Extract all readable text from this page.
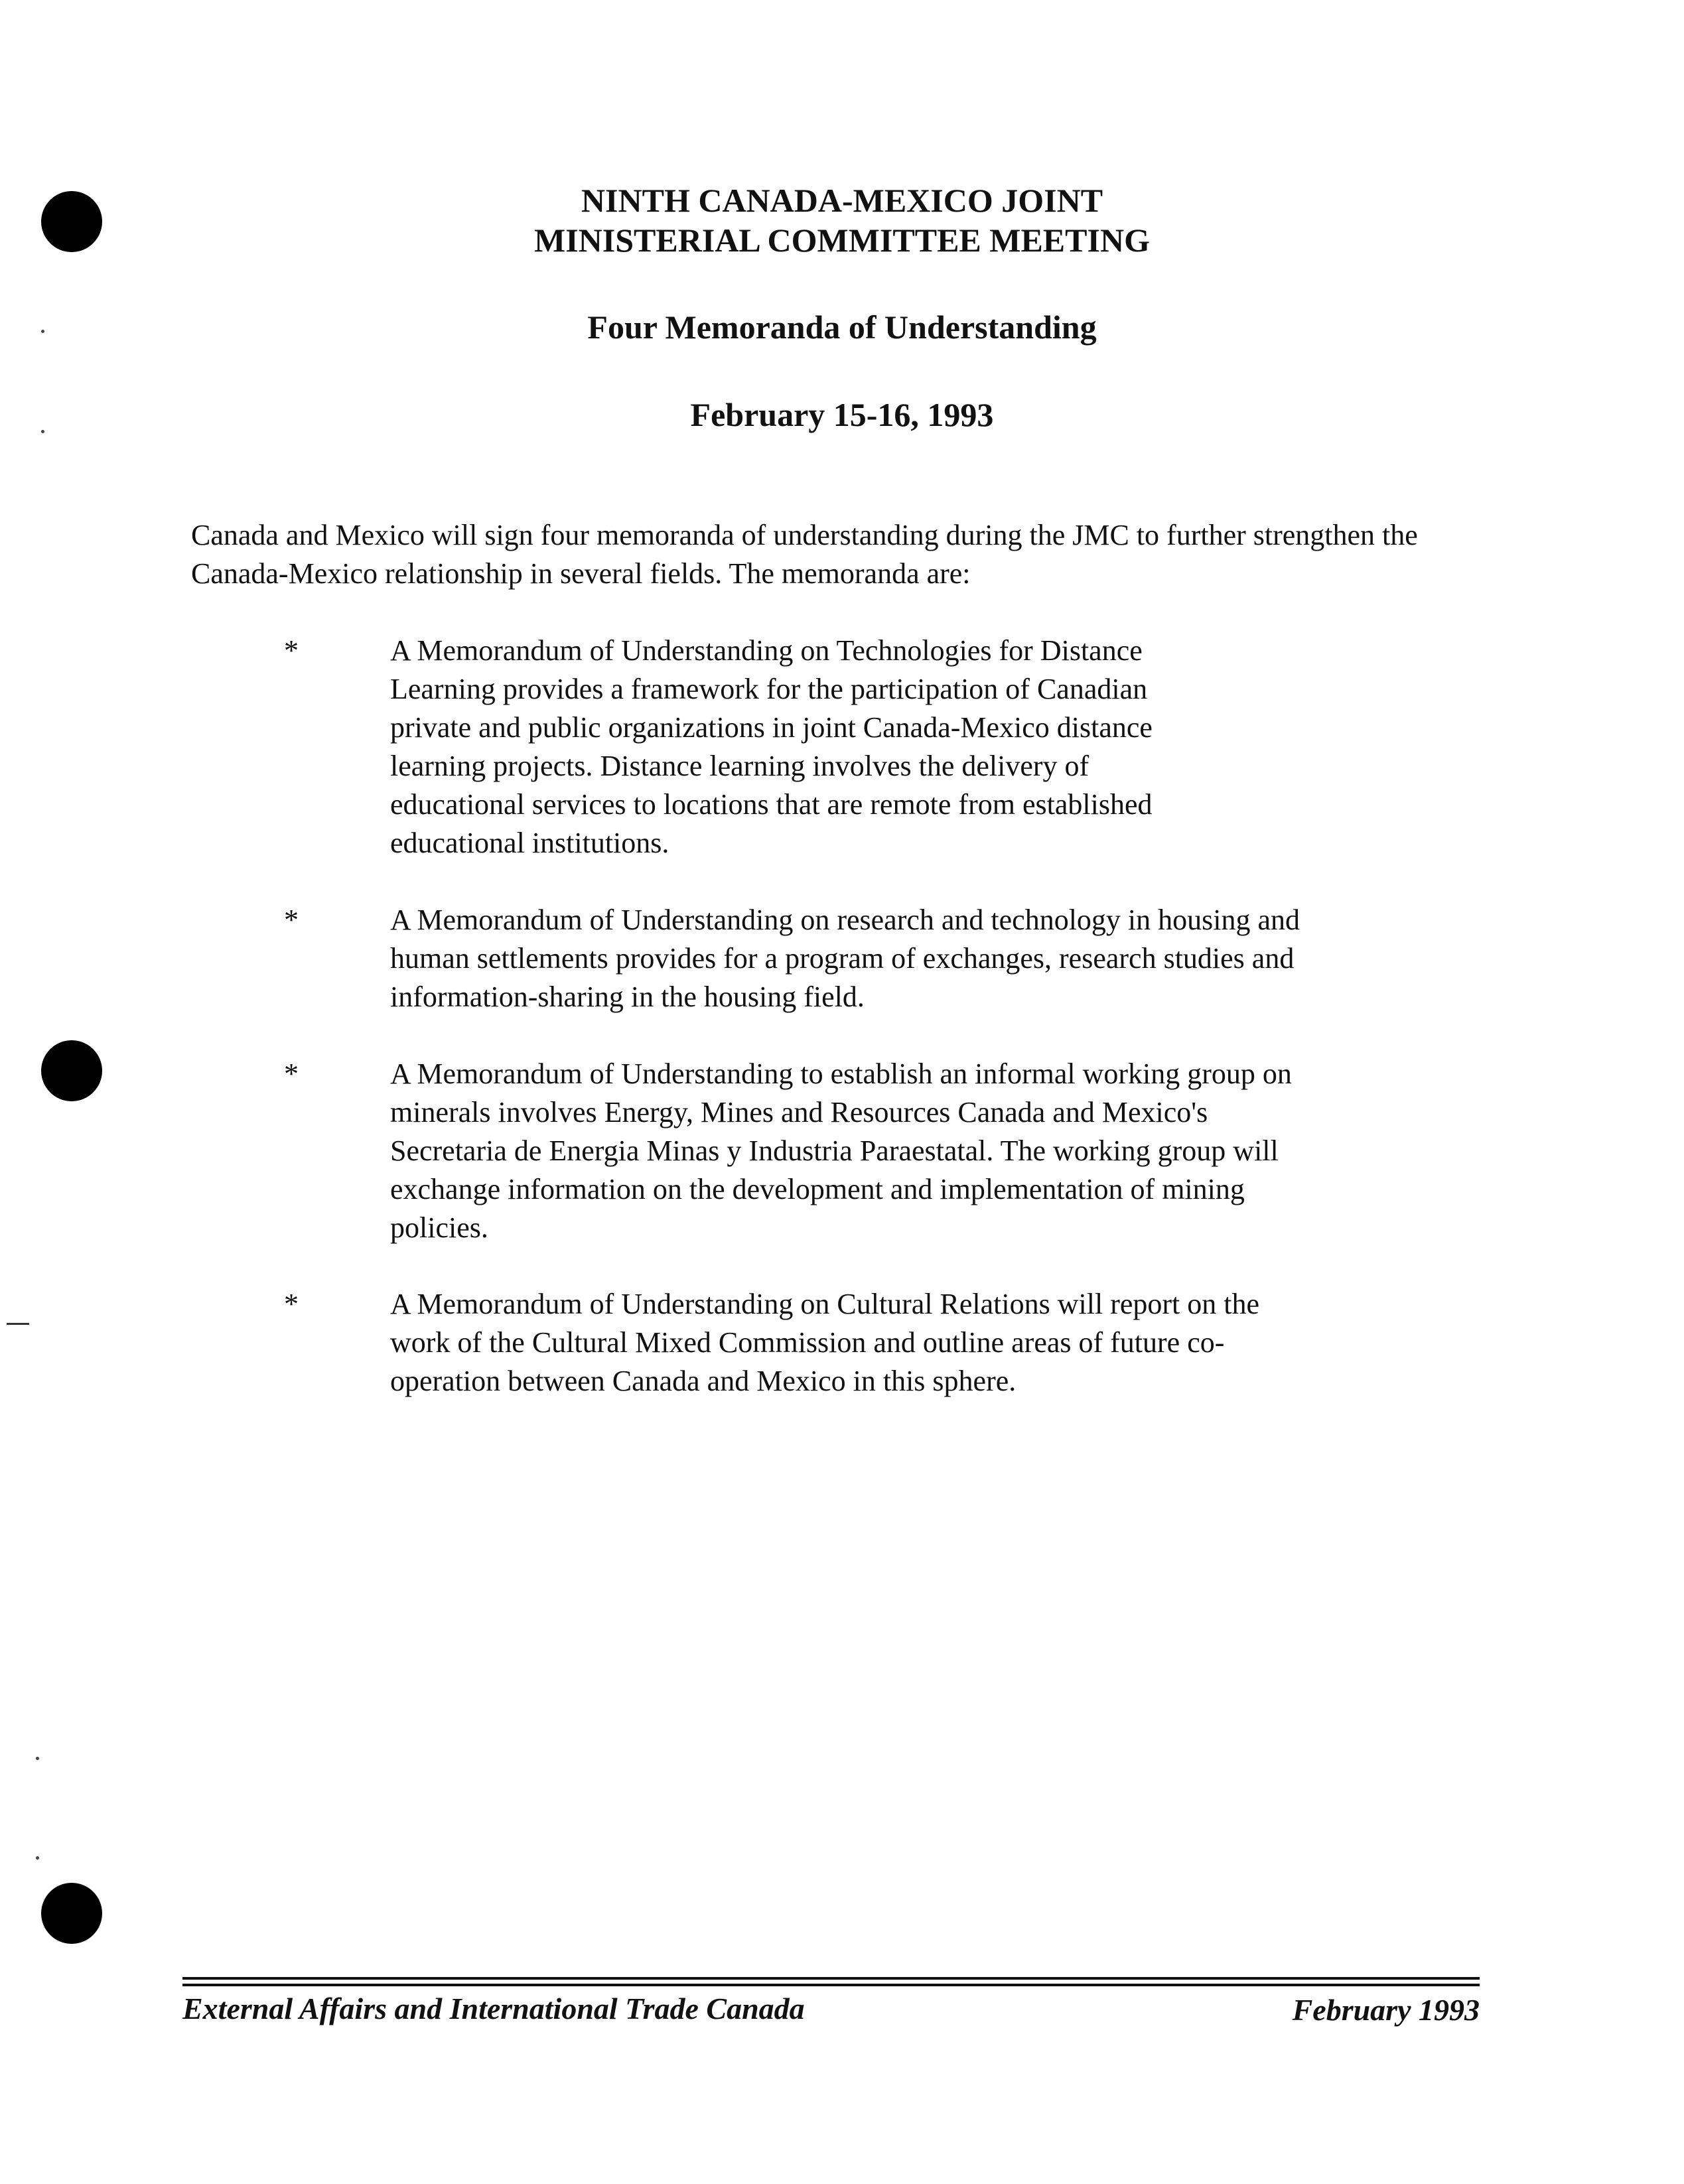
NINTH CANADA-MEXICO JOINT
MINISTERIAL COMMITTEE MEETING
Four Memoranda of Understanding
February 15-16, 1993
Canada and Mexico will sign four memoranda of understanding during the JMC to further strengthen the Canada-Mexico relationship in several fields. The memoranda are:
*	A Memorandum of Understanding on Technologies for Distance
Learning provides a framework for the participation of Canadian
private and public organizations in joint Canada-Mexico distance
learning projects. Distance learning involves the delivery of
educational services to locations that are remote from established
educational institutions.
*	A Memorandum of Understanding on research and technology in housing and
human settlements provides for a program of exchanges, research studies and
information-sharing in the housing field.
*	A Memorandum of Understanding to establish an informal working group on
minerals involves Energy, Mines and Resources Canada and Mexico's
Secretaria de Energia Minas y Industria Paraestatal. The working group will
exchange information on the development and implementation of mining
policies.
*	A Memorandum of Understanding on Cultural Relations will report on the
work of the Cultural Mixed Commission and outline areas of future co-
operation between Canada and Mexico in this sphere.
External Affairs and International Trade Canada	February 1993
